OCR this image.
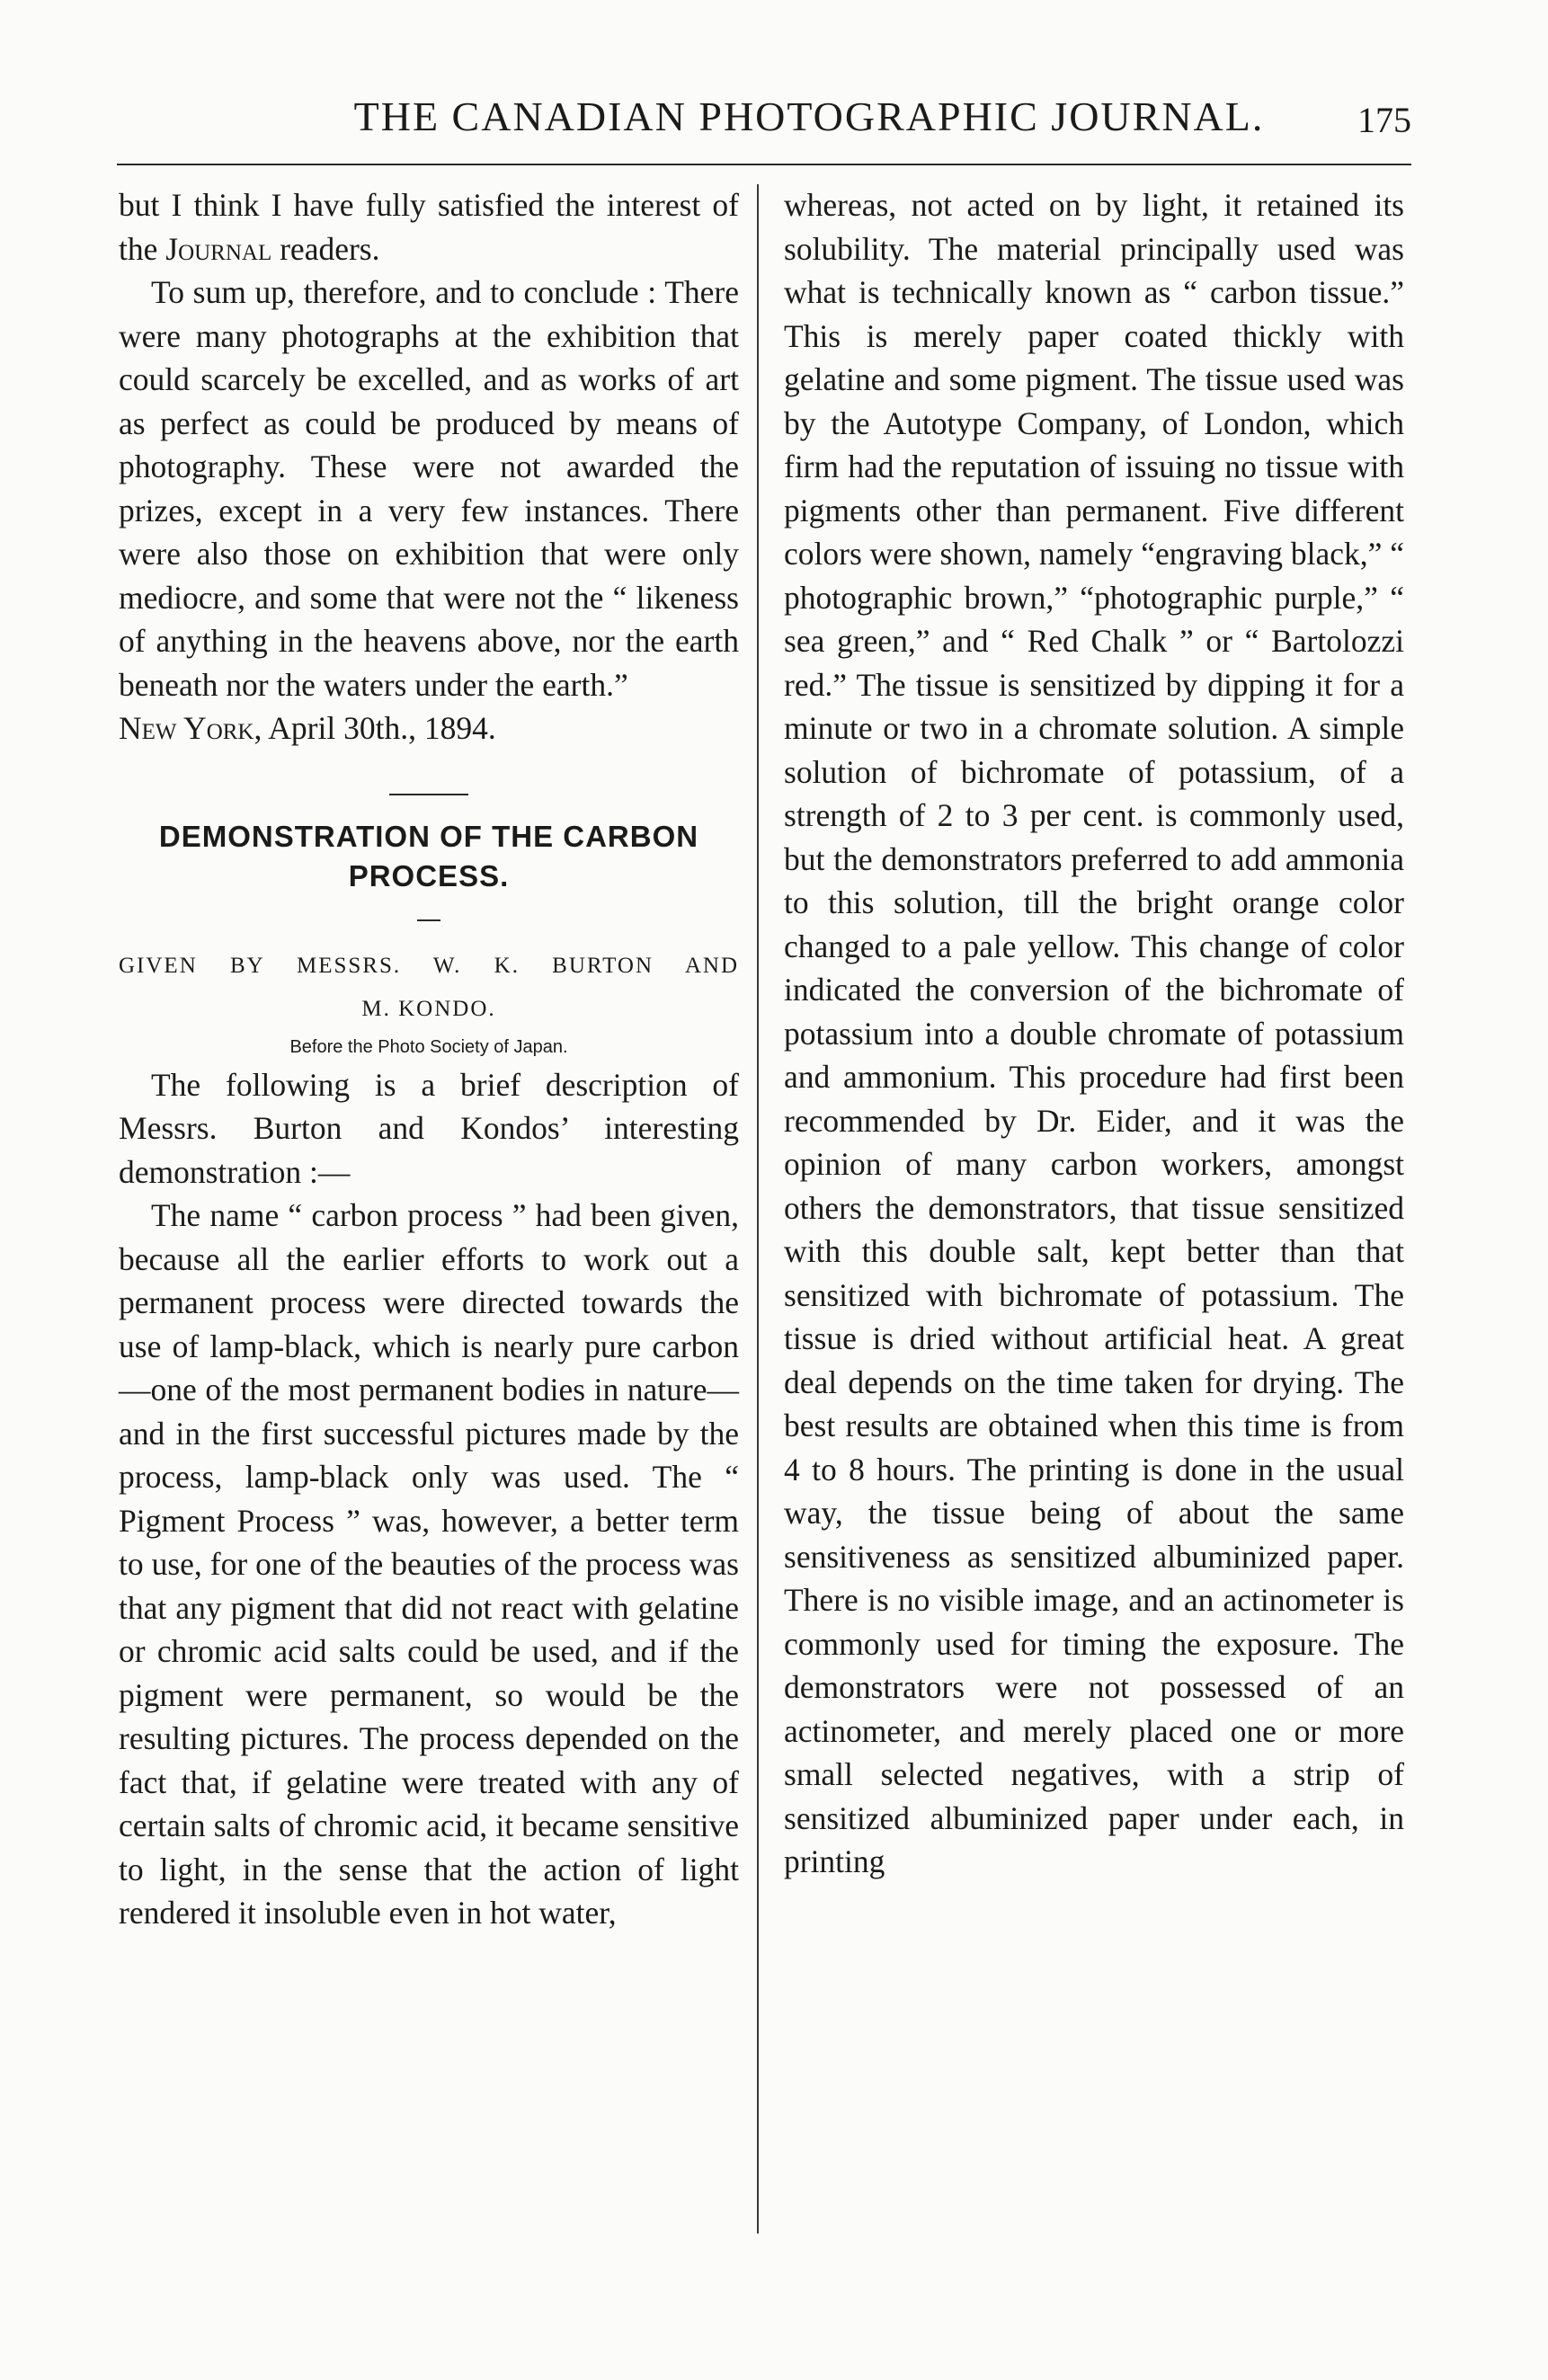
THE CANADIAN PHOTOGRAPHIC JOURNAL.	175

but I think I have fully satisfied the interest of the Journal readers.

To sum up, therefore, and to conclude : There were many photographs at the exhibition that could scarcely be excelled, and as works of art as perfect as could be produced by means of photography. These were not awarded the prizes, except in a very few instances. There were also those on exhibition that were only mediocre, and some that were not the “ likeness of anything in the heavens above, nor the earth beneath nor the waters under the earth.”

New York, April 30th., 1894.

DEMONSTRATION OF THE CARBON
PROCESS.

GIVEN BY MESSRS. W. K. BURTON AND

M. KONDO.

Before the Photo Society of Japan.

The following is a brief description of Messrs. Burton and Kondos’ interesting demonstration :—

The name “ carbon process ” had been given, because all the earlier efforts to work out a permanent process were directed towards the use of lamp-black, which is nearly pure carbon—one of the most permanent bodies in nature—and in the first successful pictures made by the process, lamp-black only was used. The “ Pigment Process ” was, however, a better term to use, for one of the beauties of the process was that any pigment that did not react with gelatine or chromic acid salts could be used, and if the pigment were permanent, so would be the resulting pictures. The process depended on the fact that, if gelatine were treated with any of certain salts of chromic acid, it became sensitive to light, in the sense that the action of light rendered it insoluble even in hot water,

whereas, not acted on by light, it retained its solubility. The material principally used was what is technically known as “ carbon tissue.” This is merely paper coated thickly with gelatine and some pigment. The tissue used was by the Autotype Company, of London, which firm had the reputation of issuing no tissue with pigments other than permanent. Five different colors were shown, namely “engraving black,” “ photographic brown,” “photographic purple,” “ sea green,” and “ Red Chalk ” or “ Bartolozzi red.” The tissue is sensitized by dipping it for a minute or two in a chromate solution. A simple solution of bichromate of potassium, of a strength of 2 to 3 per cent. is commonly used, but the demonstrators preferred to add ammonia to this solution, till the bright orange color changed to a pale yellow. This change of color indicated the conversion of the bichromate of potassium into a double chromate of potassium and ammonium. This procedure had first been recommended by Dr. Eider, and it was the opinion of many carbon workers, amongst others the demonstrators, that tissue sensitized with this double salt, kept better than that sensitized with bichromate of potassium. The tissue is dried without artificial heat. A great deal depends on the time taken for drying. The best results are obtained when this time is from 4 to 8 hours. The printing is done in the usual way, the tissue being of about the same sensitiveness as sensitized albuminized paper. There is no visible image, and an actinometer is commonly used for timing the exposure. The demonstrators were not possessed of an actinometer, and merely placed one or more small selected negatives, with a strip of sensitized albuminized paper under each, in printing
